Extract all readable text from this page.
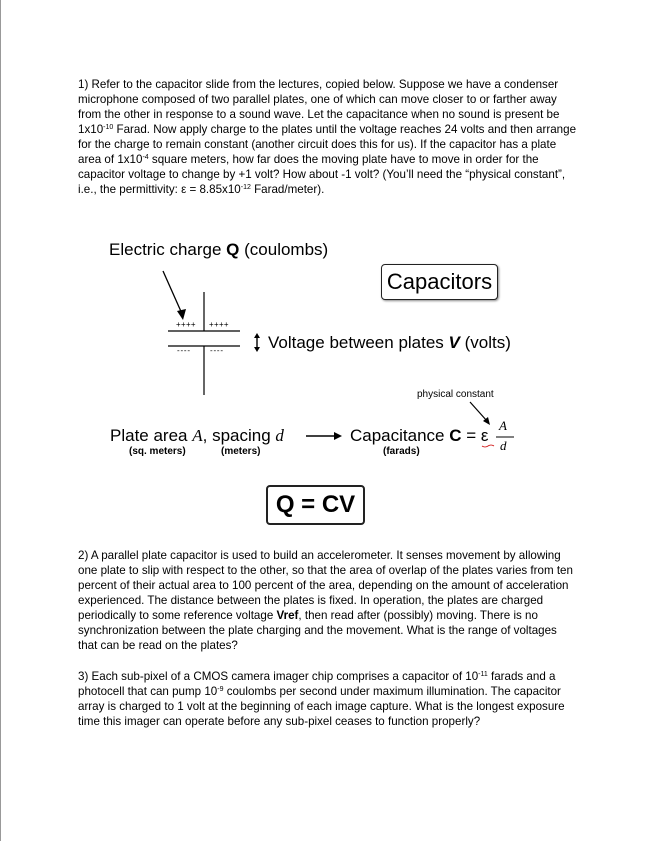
1) Refer to the capacitor slide from the lectures, copied below. Suppose we have a condenser microphone composed of two parallel plates, one of which can move closer to or farther away from the other in response to a sound wave. Let the capacitance when no sound is present be $1x10^{-10}$ Farad. Now apply charge to the plates until the voltage reaches 24 volts and then arrange for the charge to remain constant (another circuit does this for us). If the capacitor has a plate area of $1x10^{-4}$ square meters, how far does the moving plate have to move in order for the capacitor voltage to change by +1 volt? How about -1 volt? (You’ll need the “physical constant”, i.e., the permittivity: $\varepsilon = 8.85x10^{-12}$ Farad/meter).

Electric charge Q (coulombs)
Capacitors
++++ ++++
---- ----	Voltage between plates V (volts)
physical constant
Plate area A, spacing d
(sq. meters)	(meters)
Capacitance C = ε
A
d
(farads)
Q = CV

2) A parallel plate capacitor is used to build an accelerometer. It senses movement by allowing one plate to slip with respect to the other, so that the area of overlap of the plates varies from ten percent of their actual area to 100 percent of the area, depending on the amount of acceleration experienced. The distance between the plates is fixed. In operation, the plates are charged periodically to some reference voltage Vref, then read after (possibly) moving. There is no synchronization between the plate charging and the movement. What is the range of voltages that can be read on the plates?

3) Each sub-pixel of a CMOS camera imager chip comprises a capacitor of $10^{-11}$ farads and a photocell that can pump $10^{-9}$ coulombs per second under maximum illumination. The capacitor array is charged to 1 volt at the beginning of each image capture. What is the longest exposure time this imager can operate before any sub-pixel ceases to function properly?
